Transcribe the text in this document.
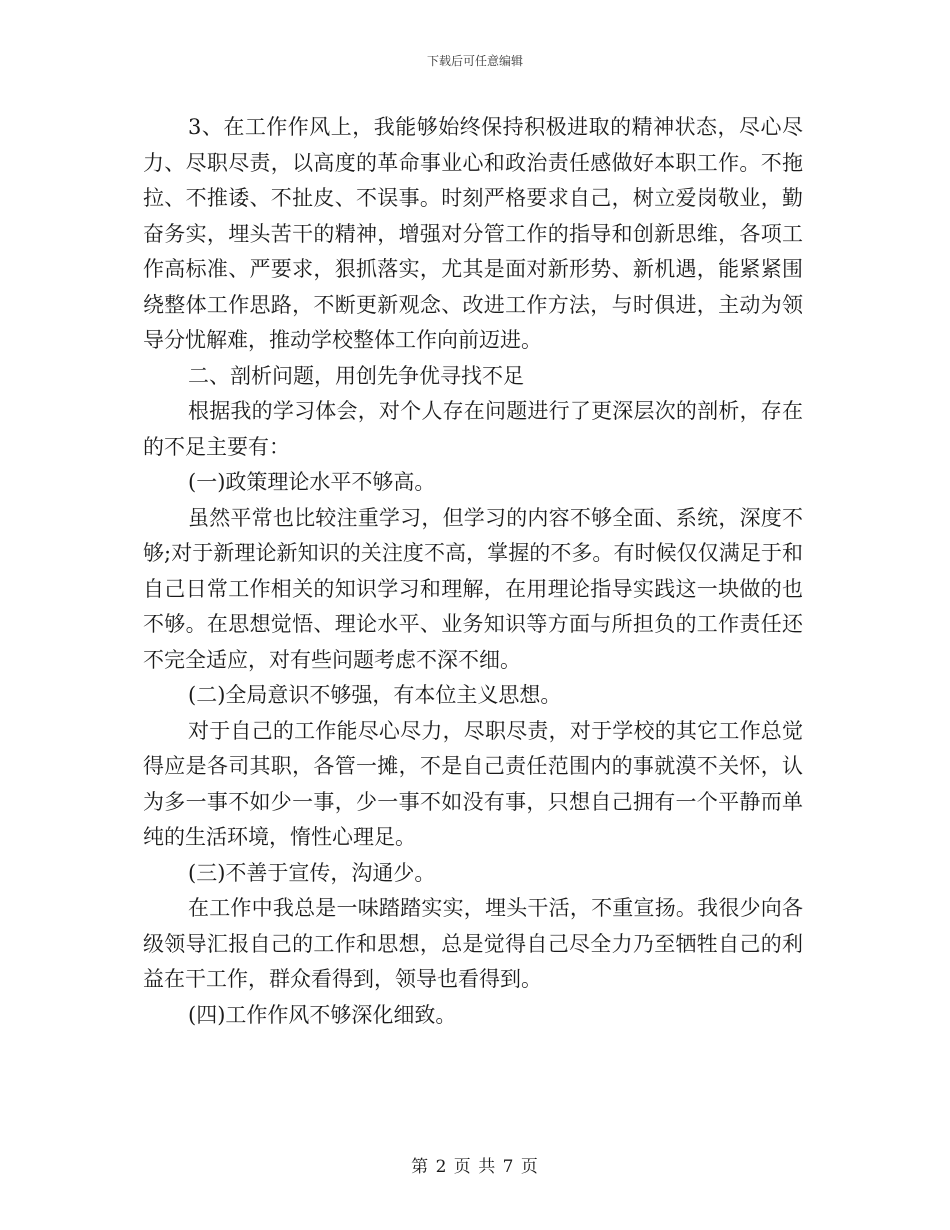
下载后可任意编辑

3、在工作作风上，我能够始终保持积极进取的精神状态，尽心尽力、尽职尽责，以高度的革命事业心和政治责任感做好本职工作。不拖拉、不推诿、不扯皮、不误事。时刻严格要求自己，树立爱岗敬业，勤奋务实，埋头苦干的精神，增强对分管工作的指导和创新思维，各项工作高标准、严要求，狠抓落实，尤其是面对新形势、新机遇，能紧紧围绕整体工作思路，不断更新观念、改进工作方法，与时俱进，主动为领导分忧解难，推动学校整体工作向前迈进。

二、剖析问题，用创先争优寻找不足

根据我的学习体会，对个人存在问题进行了更深层次的剖析，存在的不足主要有：

(一)政策理论水平不够高。

虽然平常也比较注重学习，但学习的内容不够全面、系统，深度不够;对于新理论新知识的关注度不高，掌握的不多。有时候仅仅满足于和自己日常工作相关的知识学习和理解，在用理论指导实践这一块做的也不够。在思想觉悟、理论水平、业务知识等方面与所担负的工作责任还不完全适应，对有些问题考虑不深不细。

(二)全局意识不够强，有本位主义思想。

对于自己的工作能尽心尽力，尽职尽责，对于学校的其它工作总觉得应是各司其职，各管一摊，不是自己责任范围内的事就漠不关怀，认为多一事不如少一事，少一事不如没有事，只想自己拥有一个平静而单纯的生活环境，惰性心理足。

(三)不善于宣传，沟通少。

在工作中我总是一味踏踏实实，埋头干活，不重宣扬。我很少向各级领导汇报自己的工作和思想，总是觉得自己尽全力乃至牺牲自己的利益在干工作，群众看得到，领导也看得到。

(四)工作作风不够深化细致。

第 2 页 共 7 页
